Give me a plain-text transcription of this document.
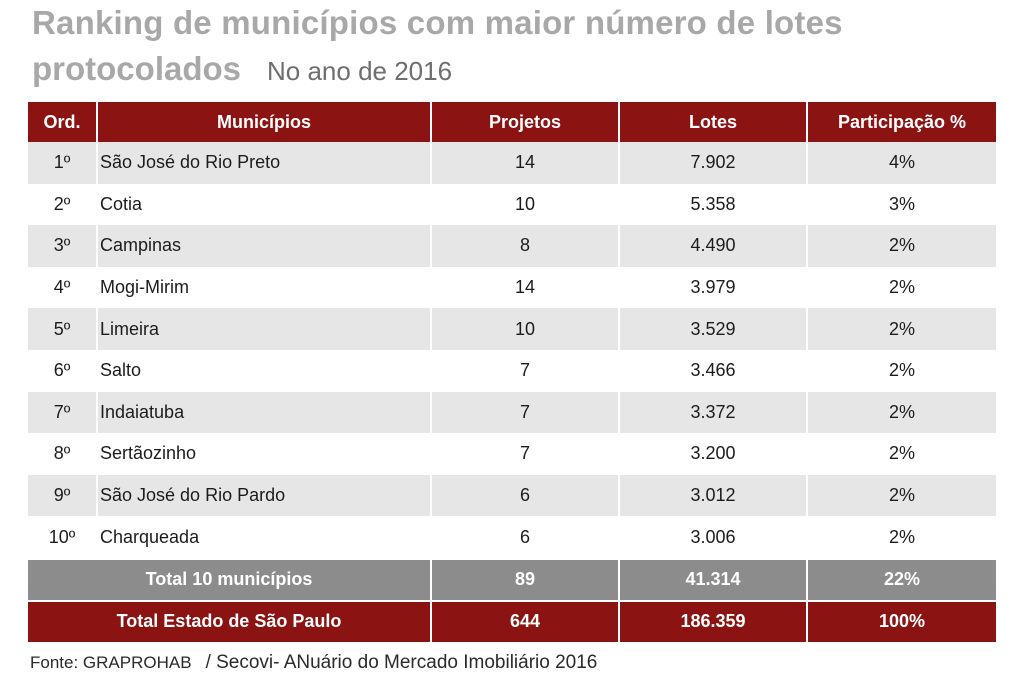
Ranking de municípios com maior número de lotes
protocolados No ano de 2016
Ord.	Municípios	Projetos	Lotes	Participação %
1º	São José do Rio Preto	14	7.902	4%
2º	Cotia	10	5.358	3%
3º	Campinas	8	4.490	2%
4º	Mogi-Mirim	14	3.979	2%
5º	Limeira	10	3.529	2%
6º	Salto	7	3.466	2%
7º	Indaiatuba	7	3.372	2%
8º	Sertãozinho	7	3.200	2%
9º	São José do Rio Pardo	6	3.012	2%
10º	Charqueada	6	3.006	2%
Total 10 municípios		89	41.314	22%
Total Estado de São Paulo		644	186.359	100%
Fonte: GRAPROHAB / Secovi- ANuário do Mercado Imobiliário 2016
